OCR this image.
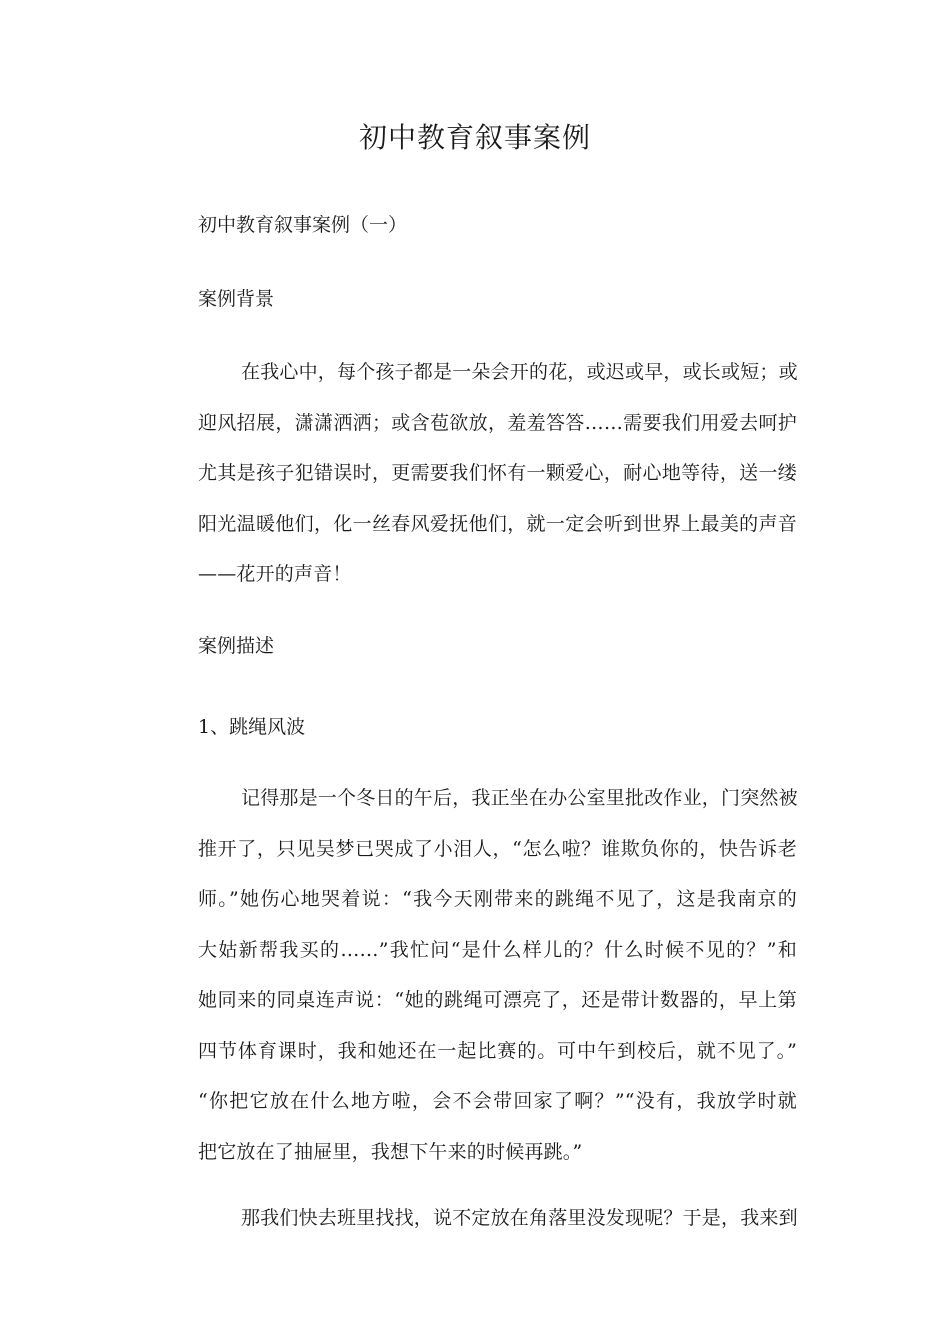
初中教育叙事案例
初中教育叙事案例（一）
案例背景
在我心中，每个孩子都是一朵会开的花，或迟或早，或长或短；或
迎风招展，潇潇洒洒；或含苞欲放，羞羞答答……需要我们用爱去呵护
尤其是孩子犯错误时，更需要我们怀有一颗爱心，耐心地等待，送一缕
阳光温暖他们，化一丝春风爱抚他们，就一定会听到世界上最美的声音
——花开的声音！
案例描述
1、跳绳风波
记得那是一个冬日的午后，我正坐在办公室里批改作业，门突然被
推开了，只见吴梦已哭成了小泪人，“怎么啦？谁欺负你的，快告诉老
师。”她伤心地哭着说：“我今天刚带来的跳绳不见了，这是我南京的
大姑新帮我买的……”我忙问“是什么样儿的？什么时候不见的？”和
她同来的同桌连声说：“她的跳绳可漂亮了，还是带计数器的，早上第
四节体育课时，我和她还在一起比赛的。可中午到校后，就不见了。”
“你把它放在什么地方啦，会不会带回家了啊？”“没有，我放学时就
把它放在了抽屉里，我想下午来的时候再跳。”
那我们快去班里找找，说不定放在角落里没发现呢？于是，我来到
